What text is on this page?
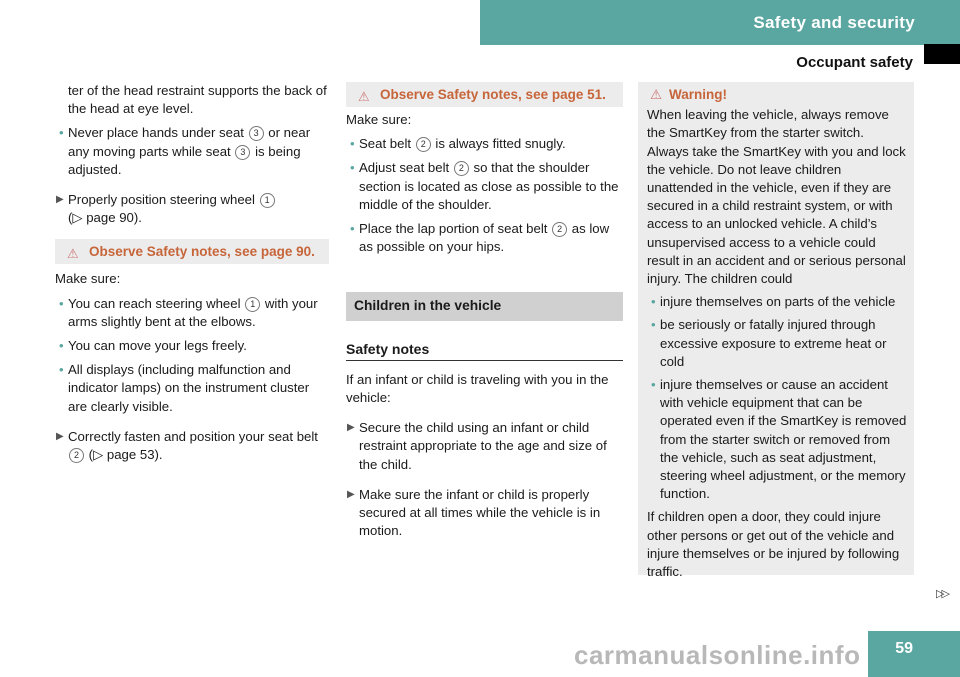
Safety and security
Occupant safety

ter of the head restraint supports the back of the head at eye level.

• Never place hands under seat 3 or near any moving parts while seat 3 is being adjusted.
▶ Properly position steering wheel 1
(▷ page 90).
⚠ Observe Safety notes, see page 90.

Make sure:

• You can reach steering wheel 1 with your arms slightly bent at the elbows.
• You can move your legs freely.
• All displays (including malfunction and indicator lamps) on the instrument cluster are clearly visible.
▶ Correctly fasten and position your seat belt 2 (▷ page 53).
⚠ Observe Safety notes, see page 51.

Make sure:

• Seat belt 2 is always fitted snugly.
• Adjust seat belt 2 so that the shoulder section is located as close as possible to the middle of the shoulder.
• Place the lap portion of seat belt 2 as low as possible on your hips.
Children in the vehicle
Safety notes

If an infant or child is traveling with you in the vehicle:

▶ Secure the child using an infant or child restraint appropriate to the age and size of the child.
▶ Make sure the infant or child is properly secured at all times while the vehicle is in motion.
⚠ Warning!

When leaving the vehicle, always remove the SmartKey from the starter switch. Always take the SmartKey with you and lock the vehicle. Do not leave children unattended in the vehicle, even if they are secured in a child restraint system, or with access to an unlocked vehicle. A child’s unsupervised access to a vehicle could result in an accident and or serious personal injury. The children could

• injure themselves on parts of the vehicle
• be seriously or fatally injured through excessive exposure to extreme heat or cold
• injure themselves or cause an accident with vehicle equipment that can be operated even if the SmartKey is removed from the starter switch or removed from the vehicle, such as seat adjustment, steering wheel adjustment, or the memory function.

If children open a door, they could injure other persons or get out of the vehicle and injure themselves or be injured by following traffic.

▷▷
carmanualsonline.info 59
